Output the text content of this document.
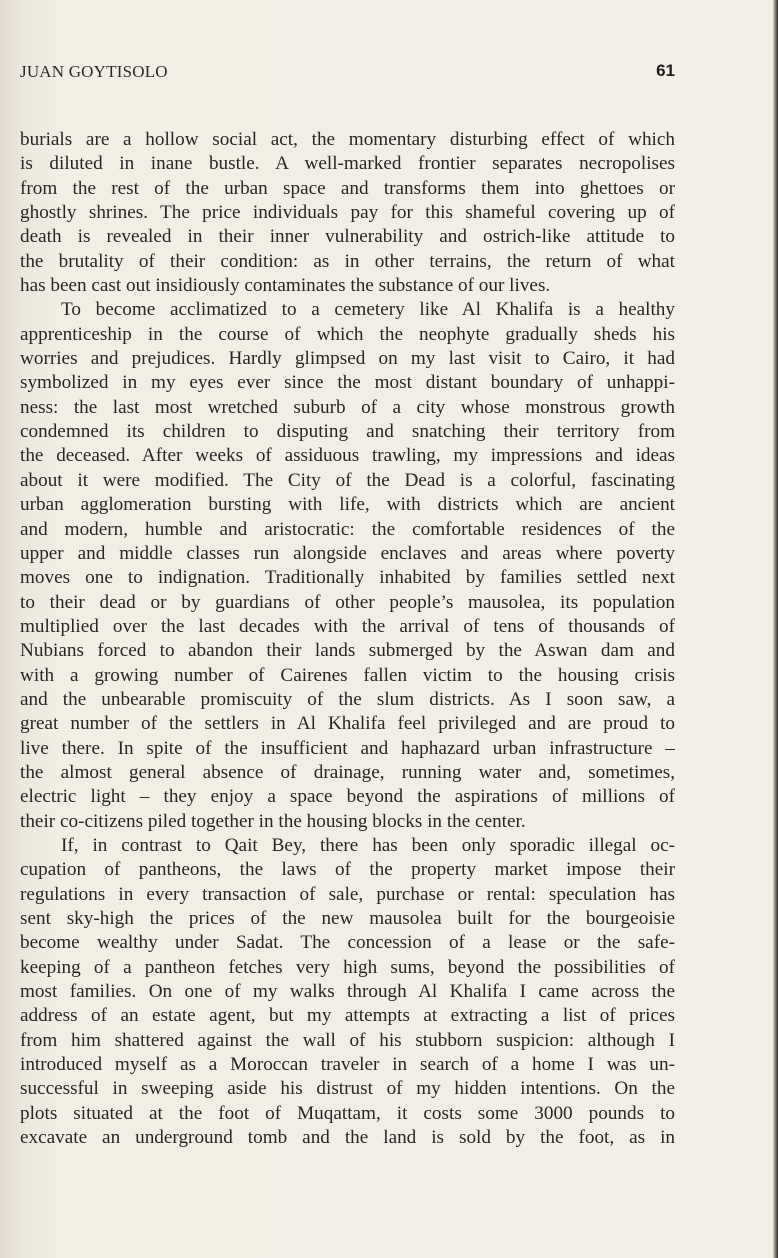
JUAN GOYTISOLO	61
burials are a hollow social act, the momentary disturbing effect of which
is diluted in inane bustle. A well-marked frontier separates necropolises
from the rest of the urban space and transforms them into ghettoes or
ghostly shrines. The price individuals pay for this shameful covering up of
death is revealed in their inner vulnerability and ostrich-like attitude to
the brutality of their condition: as in other terrains, the return of what
has been cast out insidiously contaminates the substance of our lives.
To become acclimatized to a cemetery like Al Khalifa is a healthy
apprenticeship in the course of which the neophyte gradually sheds his
worries and prejudices. Hardly glimpsed on my last visit to Cairo, it had
symbolized in my eyes ever since the most distant boundary of unhappi-
ness: the last most wretched suburb of a city whose monstrous growth
condemned its children to disputing and snatching their territory from
the deceased. After weeks of assiduous trawling, my impressions and ideas
about it were modified. The City of the Dead is a colorful, fascinating
urban agglomeration bursting with life, with districts which are ancient
and modern, humble and aristocratic: the comfortable residences of the
upper and middle classes run alongside enclaves and areas where poverty
moves one to indignation. Traditionally inhabited by families settled next
to their dead or by guardians of other people’s mausolea, its population
multiplied over the last decades with the arrival of tens of thousands of
Nubians forced to abandon their lands submerged by the Aswan dam and
with a growing number of Cairenes fallen victim to the housing crisis
and the unbearable promiscuity of the slum districts. As I soon saw, a
great number of the settlers in Al Khalifa feel privileged and are proud to
live there. In spite of the insufficient and haphazard urban infrastructure –
the almost general absence of drainage, running water and, sometimes,
electric light – they enjoy a space beyond the aspirations of millions of
their co-citizens piled together in the housing blocks in the center.
If, in contrast to Qait Bey, there has been only sporadic illegal oc-
cupation of pantheons, the laws of the property market impose their
regulations in every transaction of sale, purchase or rental: speculation has
sent sky-high the prices of the new mausolea built for the bourgeoisie
become wealthy under Sadat. The concession of a lease or the safe-
keeping of a pantheon fetches very high sums, beyond the possibilities of
most families. On one of my walks through Al Khalifa I came across the
address of an estate agent, but my attempts at extracting a list of prices
from him shattered against the wall of his stubborn suspicion: although I
introduced myself as a Moroccan traveler in search of a home I was un-
successful in sweeping aside his distrust of my hidden intentions. On the
plots situated at the foot of Muqattam, it costs some 3000 pounds to
excavate an underground tomb and the land is sold by the foot, as in
